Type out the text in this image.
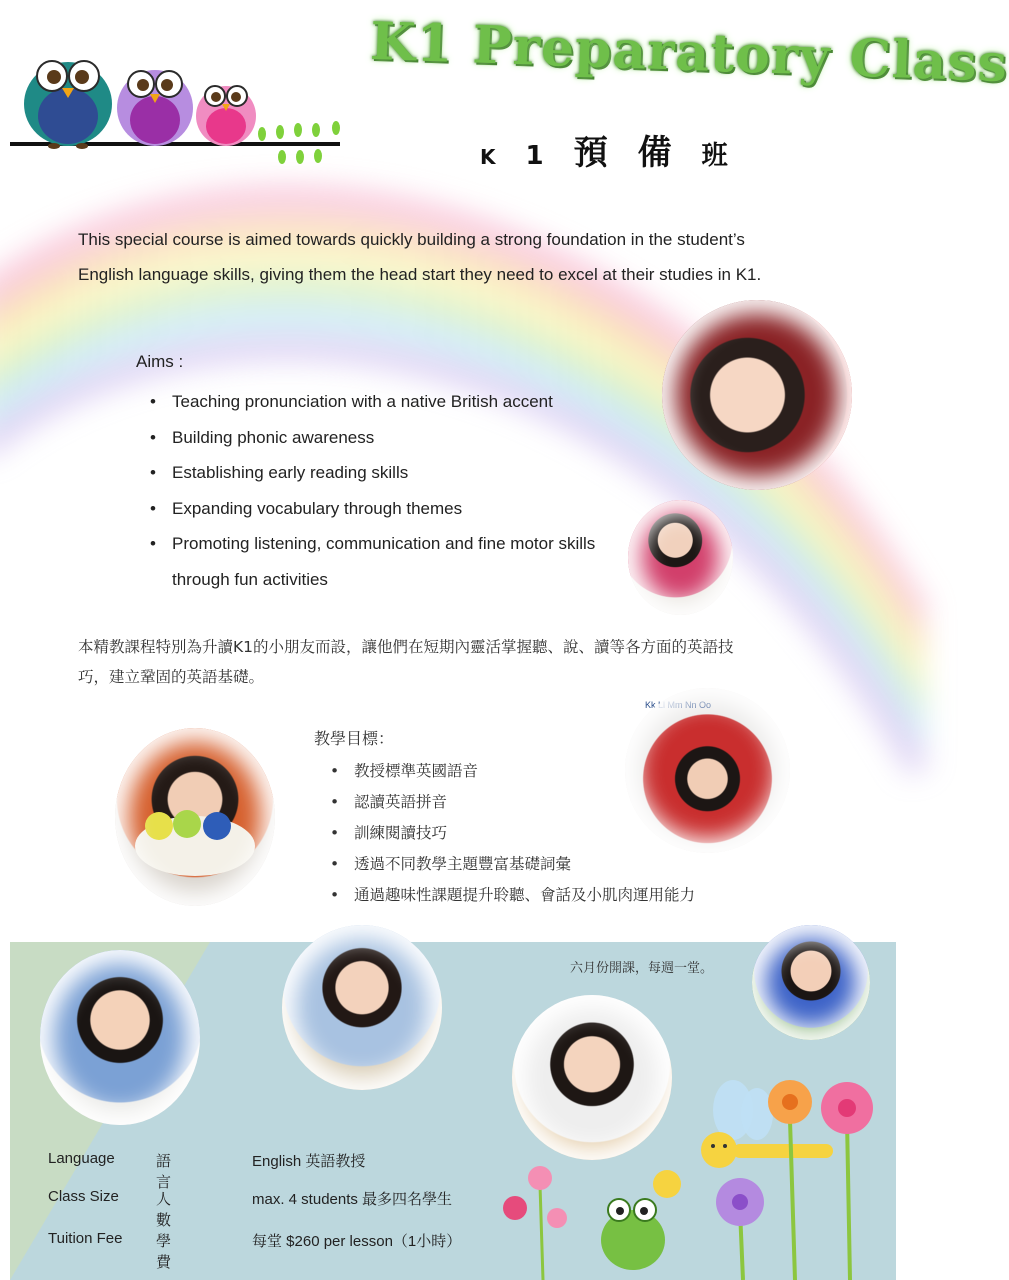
K1 Preparatory Class
K 1 預 備 班
This special course is aimed towards quickly building a strong foundation in the student’s English language skills, giving them the head start they need to excel at their studies in K1.
Aims :
• Teaching pronunciation with a native British accent
• Building phonic awareness
• Establishing early reading skills
• Expanding vocabulary through themes
• Promoting listening, communication and fine motor skills through fun activities
本精教課程特別為升讀K1的小朋友而設，讓他們在短期內靈活掌握聽、說、讀等各方面的英語技巧，建立鞏固的英語基礎。
教學目標：
• 教授標準英國語音
• 認讀英語拼音
• 訓練閱讀技巧
• 透過不同教學主題豐富基礎詞彙
• 通過趣味性課題提升聆聽、會話及小肌肉運用能力
Kk Ll Mm Nn Oo
六月份開課，每週一堂。
Language	語言
English 英語教授
Class Size 人數
max. 4 students 最多四名學生
Tuition Fee 學費
每堂 $260 per lesson（1小時）
